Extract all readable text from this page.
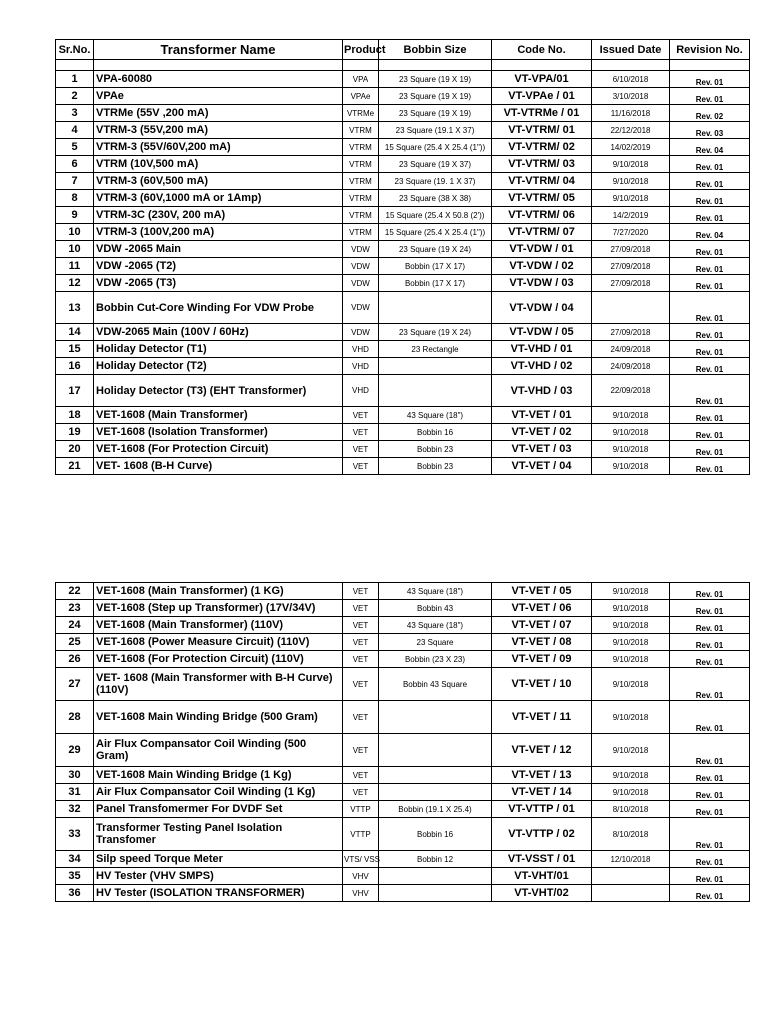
Sr.No.	Transformer Name	Product	Bobbin Size	Code No.	Issued Date	Revision No.

1	VPA-60080	VPA	23 Square (19 X 19)	VT-VPA/01	6/10/2018	Rev. 01
2	VPAe	VPAe	23 Square (19 X 19)	VT-VPAe / 01	3/10/2018	Rev. 01
3	VTRMe (55V ,200 mA)	VTRMe	23 Square (19 X 19)	VT-VTRMe / 01	11/16/2018	Rev. 02
4	VTRM-3 (55V,200 mA)	VTRM	23 Square (19.1 X 37)	VT-VTRM/ 01	22/12/2018	Rev. 03
5	VTRM-3 (55V/60V,200 mA)	VTRM	15 Square (25.4 X 25.4 (1"))	VT-VTRM/ 02	14/02/2019	Rev. 04
6	VTRM (10V,500 mA)	VTRM	23 Square (19 X 37)	VT-VTRM/ 03	9/10/2018	Rev. 01
7	VTRM-3 (60V,500 mA)	VTRM	23 Square (19. 1 X 37)	VT-VTRM/ 04	9/10/2018	Rev. 01
8	VTRM-3 (60V,1000 mA or 1Amp)	VTRM	23 Square (38 X 38)	VT-VTRM/ 05	9/10/2018	Rev. 01
9	VTRM-3C (230V, 200 mA)	VTRM	15 Square (25.4 X 50.8 (2'))	VT-VTRM/ 06	14/2/2019	Rev. 01
10	VTRM-3 (100V,200 mA)	VTRM	15 Square (25.4 X 25.4 (1"))	VT-VTRM/ 07	7/27/2020	Rev. 04
10	VDW -2065 Main	VDW	23 Square (19 X 24)	VT-VDW / 01	27/09/2018	Rev. 01
11	VDW -2065 (T2)	VDW	Bobbin (17 X 17)	VT-VDW / 02	27/09/2018	Rev. 01
12	VDW -2065 (T3)	VDW	Bobbin (17 X 17)	VT-VDW / 03	27/09/2018	Rev. 01
13	Bobbin Cut-Core Winding For VDW Probe	VDW		VT-VDW / 04		Rev. 01
14	VDW-2065 Main (100V / 60Hz)	VDW	23 Square (19 X 24)	VT-VDW / 05	27/09/2018	Rev. 01
15	Holiday Detector (T1)	VHD	23 Rectangle	VT-VHD / 01	24/09/2018	Rev. 01
16	Holiday Detector (T2)	VHD		VT-VHD / 02	24/09/2018	Rev. 01
17	Holiday Detector (T3) (EHT Transformer)	VHD		VT-VHD / 03	22/09/2018	Rev. 01
18	VET-1608 (Main Transformer)	VET	43 Square (18")	VT-VET / 01	9/10/2018	Rev. 01
19	VET-1608 (Isolation Transformer)	VET	Bobbin 16	VT-VET / 02	9/10/2018	Rev. 01
20	VET-1608 (For Protection Circuit)	VET	Bobbin 23	VT-VET / 03	9/10/2018	Rev. 01
21	VET- 1608 (B-H Curve)	VET	Bobbin 23	VT-VET / 04	9/10/2018	Rev. 01
22	VET-1608 (Main Transformer) (1 KG)	VET	43 Square (18")	VT-VET / 05	9/10/2018	Rev. 01
23	VET-1608 (Step up Transformer) (17V/34V)	VET	Bobbin 43	VT-VET / 06	9/10/2018	Rev. 01
24	VET-1608 (Main Transformer) (110V)	VET	43 Square (18")	VT-VET / 07	9/10/2018	Rev. 01
25	VET-1608 (Power Measure Circuit) (110V)	VET	23 Square	VT-VET / 08	9/10/2018	Rev. 01
26	VET-1608 (For Protection Circuit) (110V)	VET	Bobbin (23 X 23)	VT-VET / 09	9/10/2018	Rev. 01
27	VET- 1608 (Main Transformer with B-H Curve) (110V)	VET	Bobbin 43 Square	VT-VET / 10	9/10/2018	Rev. 01
28	VET-1608 Main Winding Bridge (500 Gram)	VET		VT-VET / 11	9/10/2018	Rev. 01
29	Air Flux Compansator Coil Winding (500 Gram)	VET		VT-VET / 12	9/10/2018	Rev. 01
30	VET-1608 Main Winding Bridge (1 Kg)	VET		VT-VET / 13	9/10/2018	Rev. 01
31	Air Flux Compansator Coil Winding (1 Kg)	VET		VT-VET / 14	9/10/2018	Rev. 01
32	Panel Transfomermer For DVDF Set	VTTP	Bobbin (19.1 X 25.4)	VT-VTTP / 01	8/10/2018	Rev. 01
33	Transformer Testing Panel Isolation Transfomer	VTTP	Bobbin 16	VT-VTTP / 02	8/10/2018	Rev. 01
34	Silp speed Torque Meter	VTS/ VSS	Bobbin 12	VT-VSST / 01	12/10/2018	Rev. 01
35	HV Tester (VHV SMPS)	VHV		VT-VHT/01		Rev. 01
36	HV Tester (ISOLATION TRANSFORMER)	VHV		VT-VHT/02		Rev. 01
